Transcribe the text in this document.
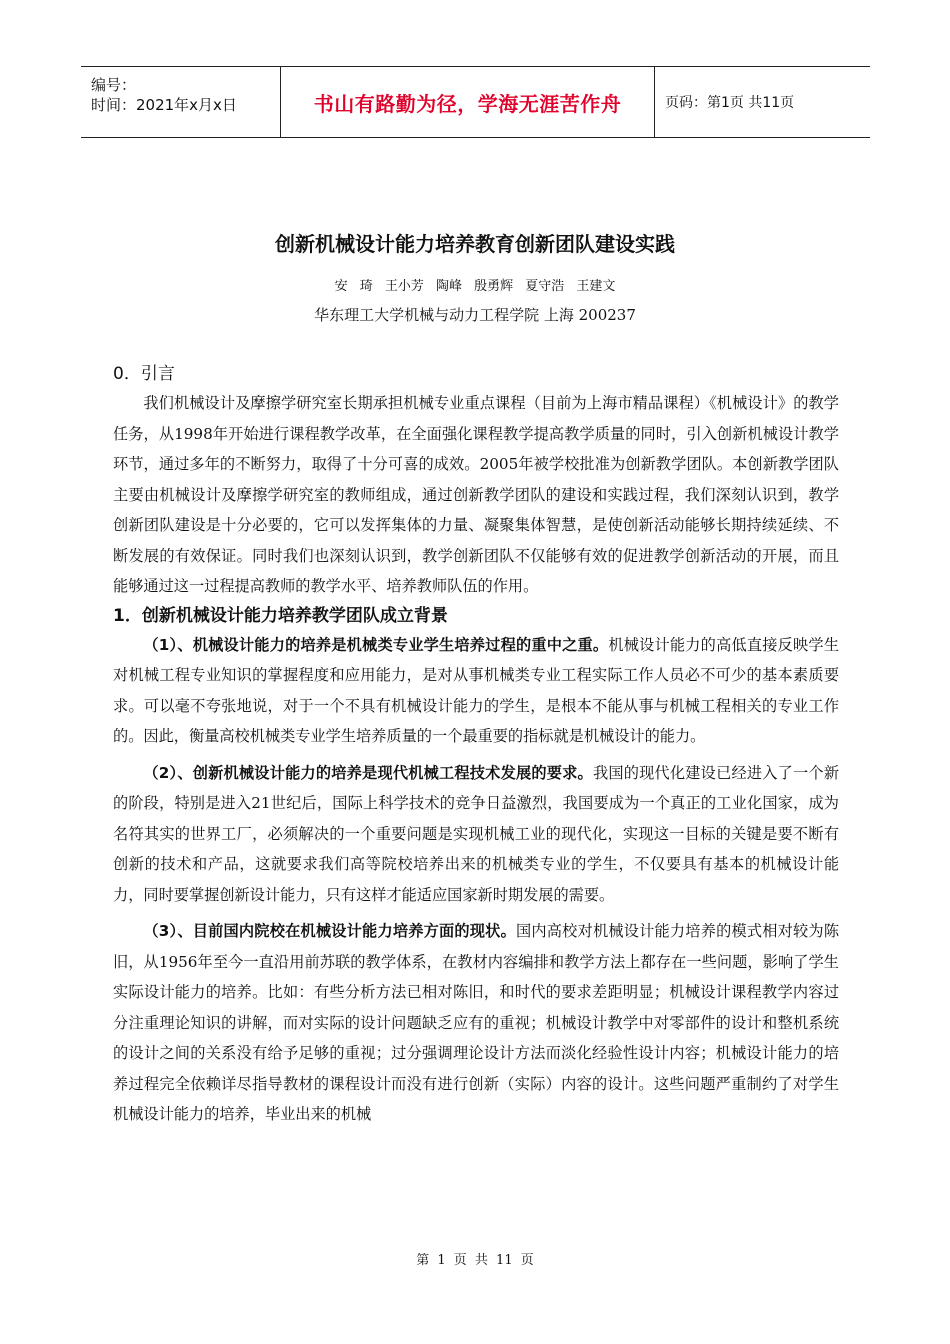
编号：
时间：2021年x月x日	书山有路勤为径，学海无涯苦作舟	页码：第1页 共11页
创新机械设计能力培养教育创新团队建设实践
安 琦 王小芳 陶峰 殷勇辉 夏守浩 王建文
华东理工大学机械与动力工程学院 上海 200237

0．引言

我们机械设计及摩擦学研究室长期承担机械专业重点课程（目前为上海市精品课程）《机械设计》的教学任务，从1998年开始进行课程教学改革，在全面强化课程教学提高教学质量的同时，引入创新机械设计教学环节，通过多年的不断努力，取得了十分可喜的成效。2005年被学校批准为创新教学团队。本创新教学团队主要由机械设计及摩擦学研究室的教师组成，通过创新教学团队的建设和实践过程，我们深刻认识到，教学创新团队建设是十分必要的，它可以发挥集体的力量、凝聚集体智慧，是使创新活动能够长期持续延续、不断发展的有效保证。同时我们也深刻认识到，教学创新团队不仅能够有效的促进教学创新活动的开展，而且能够通过这一过程提高教师的教学水平、培养教师队伍的作用。

1．创新机械设计能力培养教学团队成立背景

（1）、机械设计能力的培养是机械类专业学生培养过程的重中之重。机械设计能力的高低直接反映学生对机械工程专业知识的掌握程度和应用能力，是对从事机械类专业工程实际工作人员必不可少的基本素质要求。可以毫不夸张地说，对于一个不具有机械设计能力的学生，是根本不能从事与机械工程相关的专业工作的。因此，衡量高校机械类专业学生培养质量的一个最重要的指标就是机械设计的能力。

（2）、创新机械设计能力的培养是现代机械工程技术发展的要求。我国的现代化建设已经进入了一个新的阶段，特别是进入21世纪后，国际上科学技术的竞争日益激烈，我国要成为一个真正的工业化国家，成为名符其实的世界工厂，必须解决的一个重要问题是实现机械工业的现代化，实现这一目标的关键是要不断有创新的技术和产品，这就要求我们高等院校培养出来的机械类专业的学生，不仅要具有基本的机械设计能力，同时要掌握创新设计能力，只有这样才能适应国家新时期发展的需要。

（3）、目前国内院校在机械设计能力培养方面的现状。国内高校对机械设计能力培养的模式相对较为陈旧，从1956年至今一直沿用前苏联的教学体系，在教材内容编排和教学方法上都存在一些问题，影响了学生实际设计能力的培养。比如：有些分析方法已相对陈旧，和时代的要求差距明显；机械设计课程教学内容过分注重理论知识的讲解，而对实际的设计问题缺乏应有的重视；机械设计教学中对零部件的设计和整机系统的设计之间的关系没有给予足够的重视；过分强调理论设计方法而淡化经验性设计内容；机械设计能力的培养过程完全依赖详尽指导教材的课程设计而没有进行创新（实际）内容的设计。这些问题严重制约了对学生机械设计能力的培养，毕业出来的机械

第 1 页 共 11 页
